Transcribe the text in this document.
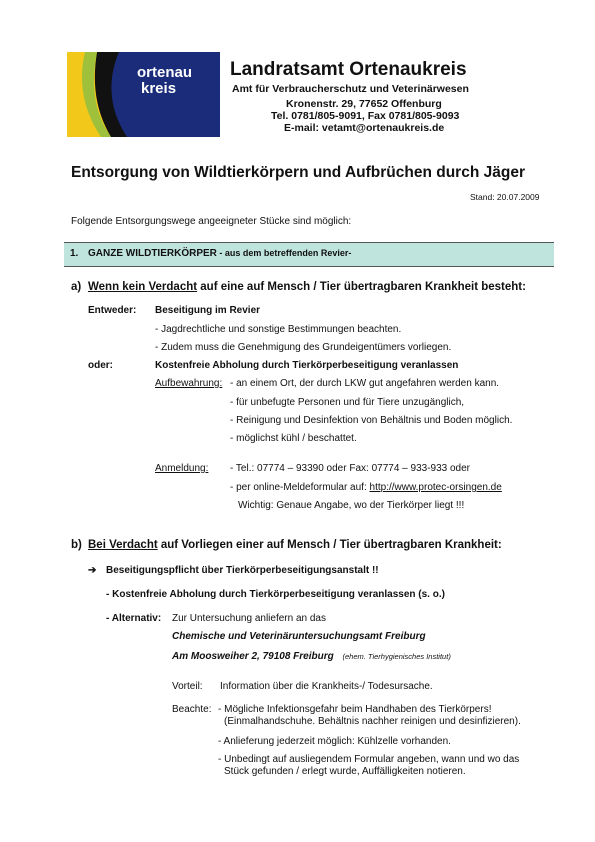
ortenau
kreis
Landratsamt Ortenaukreis
Amt für Verbraucherschutz und Veterinärwesen
Kronenstr. 29, 77652 Offenburg
Tel. 0781/805-9091, Fax 0781/805-9093
E-mail: vetamt@ortenaukreis.de
Entsorgung von Wildtierkörpern und Aufbrüchen durch Jäger
Stand: 20.07.2009
Folgende Entsorgungswege angeeigneter Stücke sind möglich:
1. GANZE WILDTIERKÖRPER - aus dem betreffenden Revier-
a) Wenn kein Verdacht auf eine auf Mensch / Tier übertragbaren Krankheit besteht:
Entweder: Beseitigung im Revier
- Jagdrechtliche und sonstige Bestimmungen beachten.
- Zudem muss die Genehmigung des Grundeigentümers vorliegen.
oder:	Kostenfreie Abholung durch Tierkörperbeseitigung veranlassen
Aufbewahrung: - an einem Ort, der durch LKW gut angefahren werden kann.
- für unbefugte Personen und für Tiere unzugänglich,
- Reinigung und Desinfektion von Behältnis und Boden möglich.
- möglichst kühl / beschattet.
Anmeldung: - Tel.: 07774 – 93390 oder Fax: 07774 – 933-933 oder
- per online-Meldeformular auf: http://www.protec-orsingen.de
Wichtig: Genaue Angabe, wo der Tierkörper liegt !!!
b) Bei Verdacht auf Vorliegen einer auf Mensch / Tier übertragbaren Krankheit:
➔ Beseitigungspflicht über Tierkörperbeseitigungsanstalt !!
- Kostenfreie Abholung durch Tierkörperbeseitigung veranlassen (s. o.)
- Alternativ: Zur Untersuchung anliefern an das
Chemische und Veterinäruntersuchungsamt Freiburg
Am Moosweiher 2, 79108 Freiburg (ehem. Tierhygienisches Institut)
Vorteil: Information über die Krankheits-/ Todesursache.
Beachte: - Mögliche Infektionsgefahr beim Handhaben des Tierkörpers!
(Einmalhandschuhe. Behältnis nachher reinigen und desinfizieren).
- Anlieferung jederzeit möglich: Kühlzelle vorhanden.
- Unbedingt auf ausliegendem Formular angeben, wann und wo das
Stück gefunden / erlegt wurde, Auffälligkeiten notieren.
